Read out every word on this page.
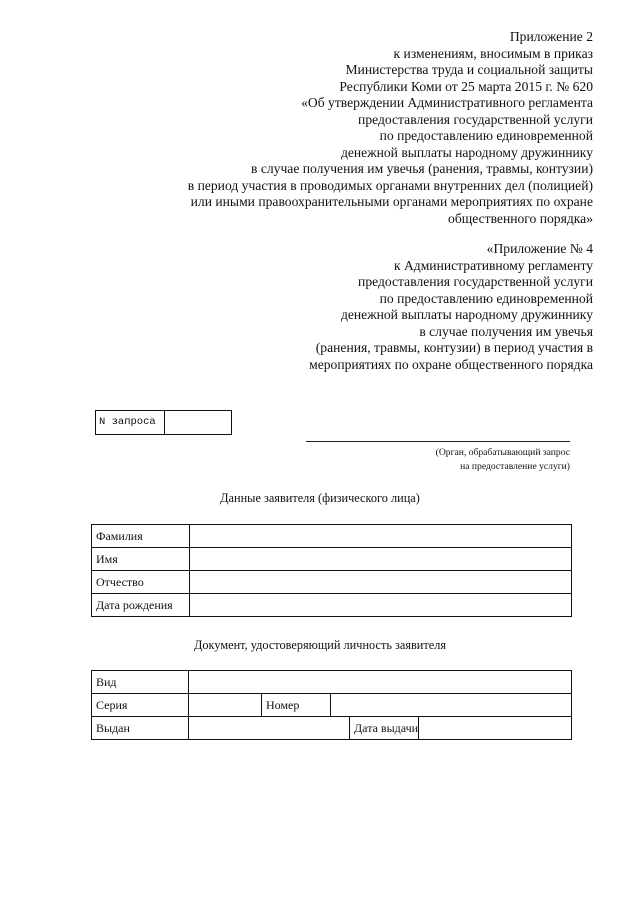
Приложение 2
к изменениям, вносимым в приказ
Министерства труда и социальной защиты
Республики Коми от 25 марта 2015 г. № 620
«Об утверждении Административного регламента
предоставления государственной услуги
по предоставлению единовременной
денежной выплаты народному дружиннику
в случае получения им увечья (ранения, травмы, контузии)
в период участия в проводимых органами внутренних дел (полицией)
или иными правоохранительными органами мероприятиях по охране
общественного порядка»
«Приложение № 4
к Административному регламенту
предоставления государственной услуги
по предоставлению единовременной
денежной выплаты народному дружиннику
в случае получения им увечья
(ранения, травмы, контузии) в период участия в
мероприятиях по охране общественного порядка
N запроса
(Орган, обрабатывающий запрос
на предоставление услуги)
Данные заявителя (физического лица)
Фамилия	
Имя	
Отчество	
Дата рождения	
Документ, удостоверяющий личность заявителя
Вид					
Серия		Номер			
Выдан				Дата выдачи	
